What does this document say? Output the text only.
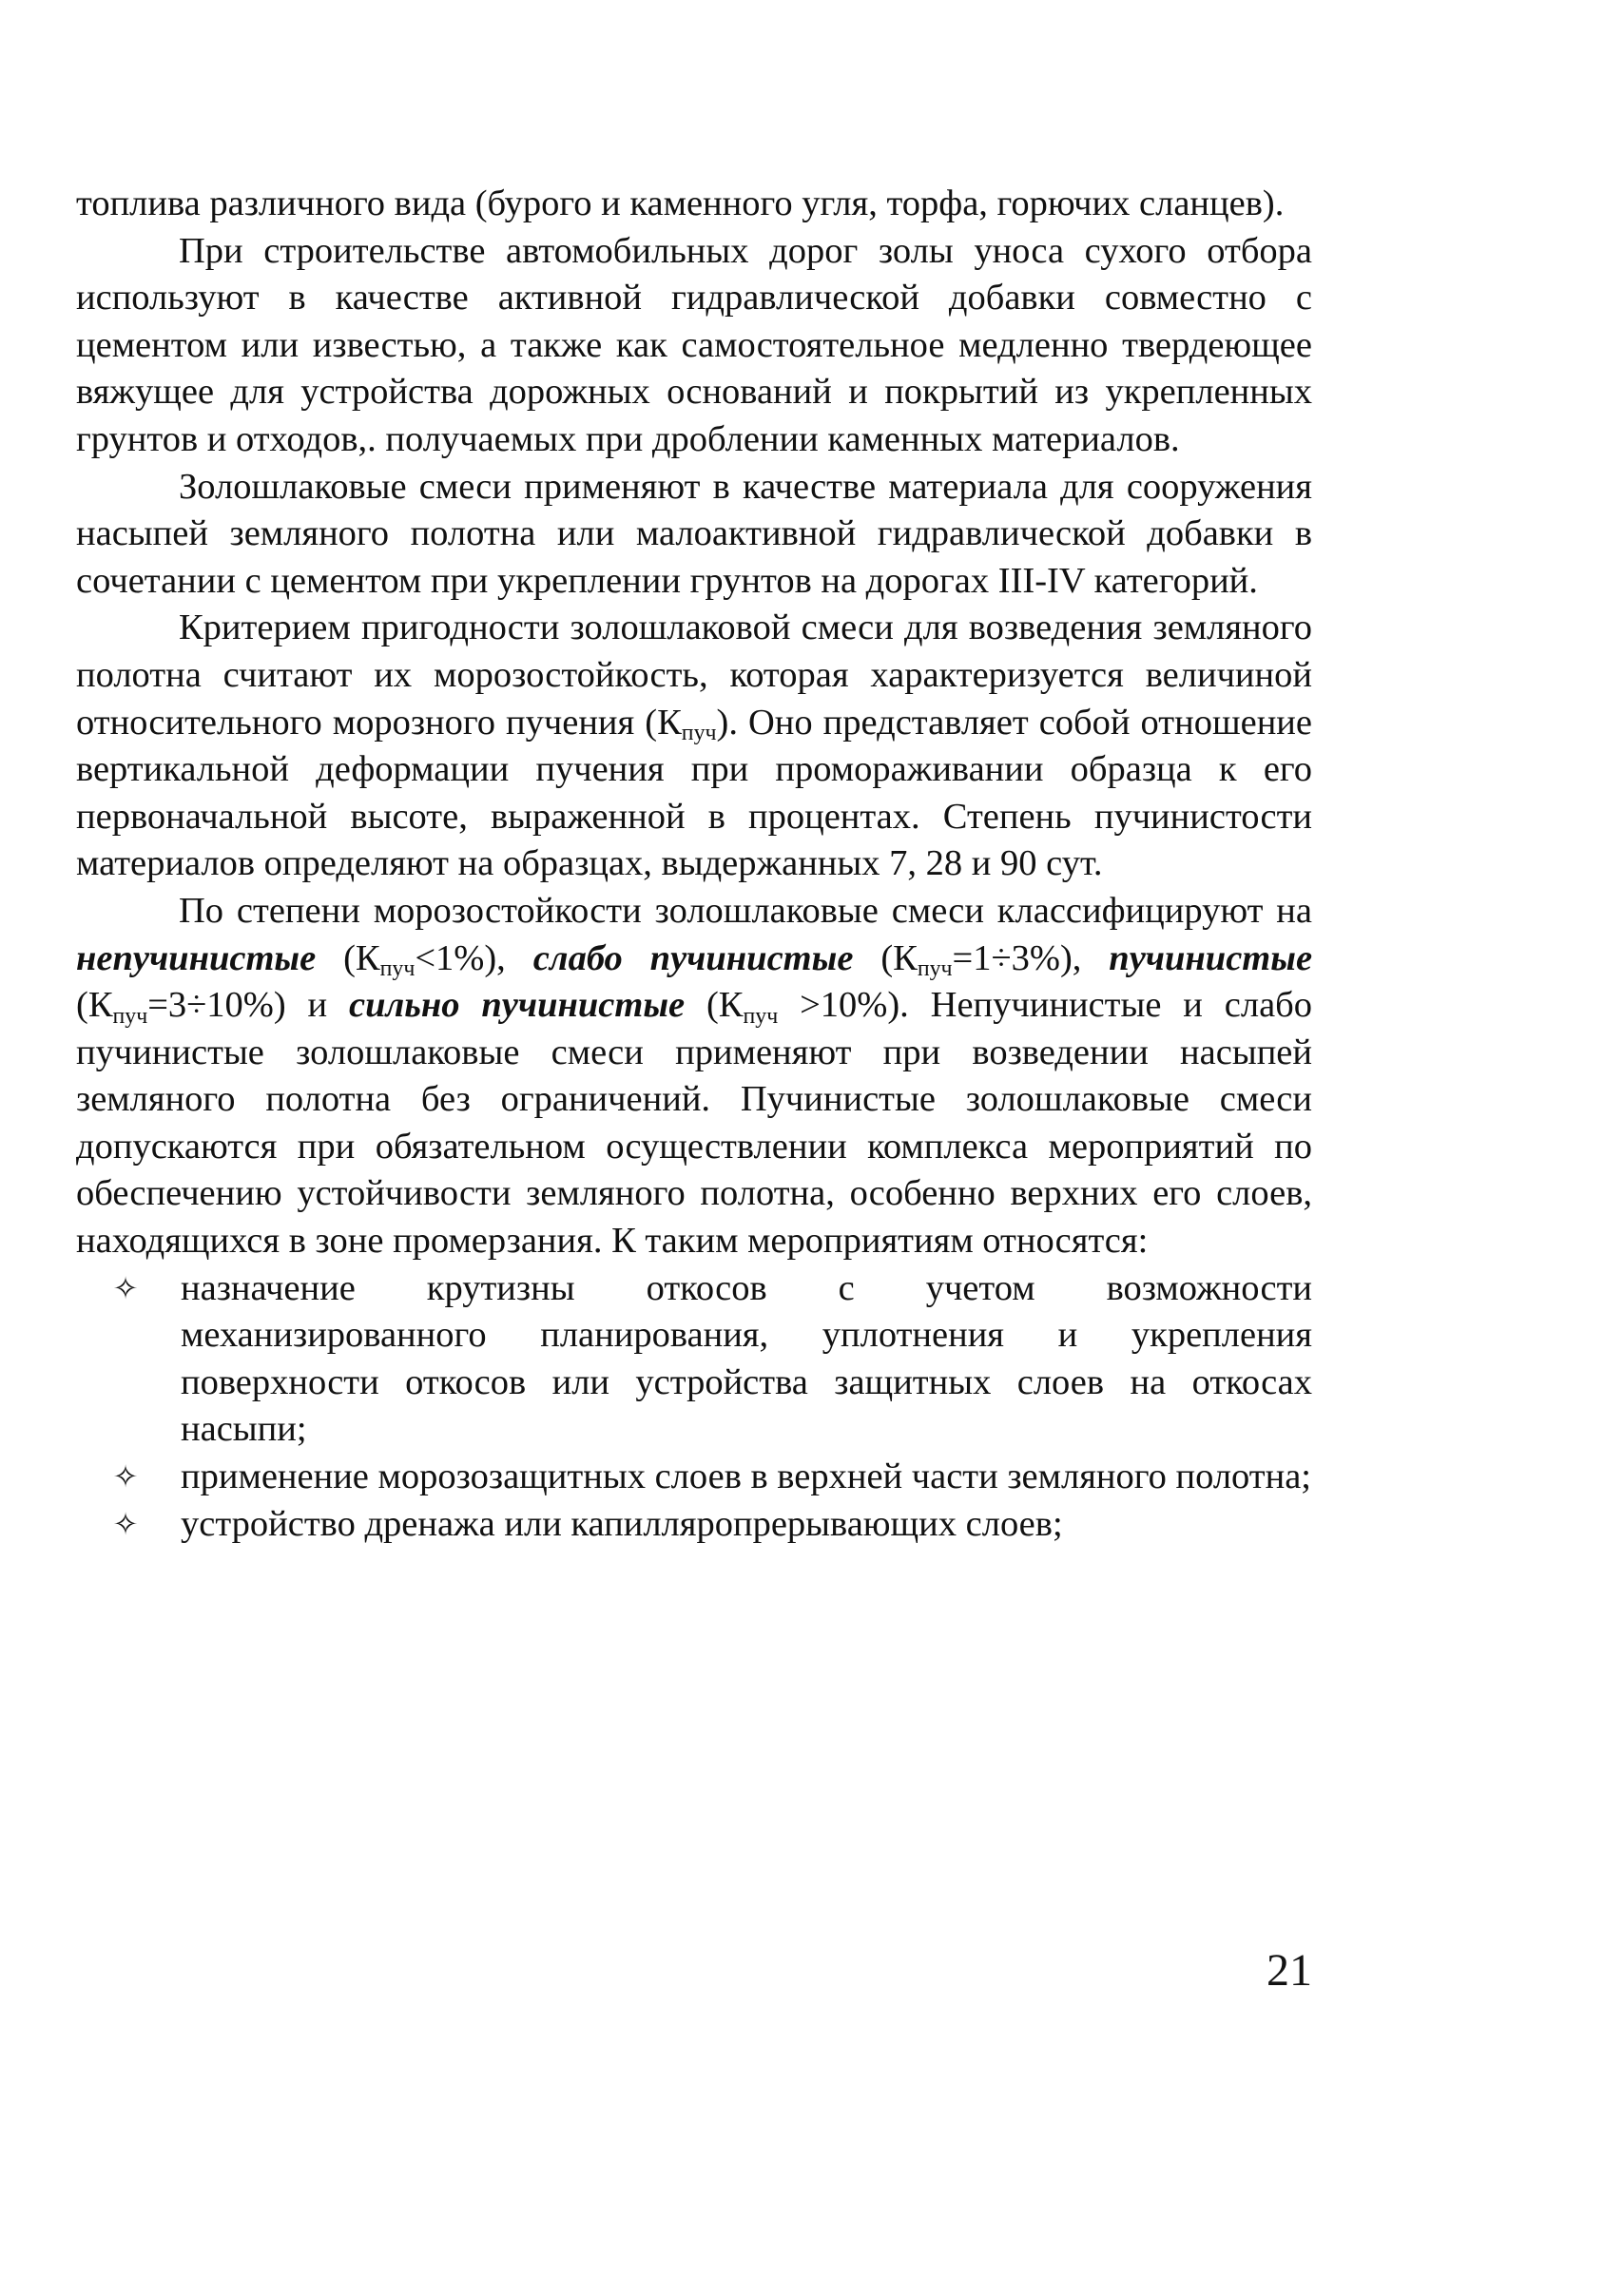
топлива различного вида (бурого и каменного угля, торфа, горючих сланцев).

При строительстве автомобильных дорог золы уноса сухого отбора используют в качестве активной гидравлической добавки совместно с цементом или известью, а также как самостоятельное медленно твердеющее вяжущее для устройства дорожных оснований и покрытий из укрепленных грунтов и отходов,. получаемых при дроблении каменных материалов.

Золошлаковые смеси применяют в качестве материала для сооружения насыпей земляного полотна или малоактивной гидравлической добавки в сочетании с цементом при укреплении грунтов на дорогах III-IV категорий.

Критерием пригодности золошлаковой смеси для возведения земляного полотна считают их морозостойкость, которая характеризуется величиной относительного морозного пучения (Кпуч). Оно представляет собой отношение вертикальной деформации пучения при промораживании образца к его первоначальной высоте, выраженной в процентах. Степень пучинистости материалов определяют на образцах, выдержанных 7, 28 и 90 сут.

По степени морозостойкости золошлаковые смеси классифицируют на непучинистые (Кпуч<1%), слабо пучинистые (Кпуч=1÷3%), пучинистые (Кпуч=3÷10%) и сильно пучинистые (Кпуч >10%). Непучинистые и слабо пучинистые золошлаковые смеси применяют при возведении насыпей земляного полотна без ограничений. Пучинистые золошлаковые смеси допускаются при обязательном осуществлении комплекса мероприятий по обеспечению устойчивости земляного полотна, особенно верхних его слоев, находящихся в зоне промерзания. К таким мероприятиям относятся:

✧ назначение крутизны откосов с учетом возможности механизированного планирования, уплотнения и укрепления поверхности откосов или устройства защитных слоев на откосах насыпи;
✧ применение морозозащитных слоев в верхней части земляного полотна;
✧ устройство дренажа или капилляропрерывающих слоев;
21
